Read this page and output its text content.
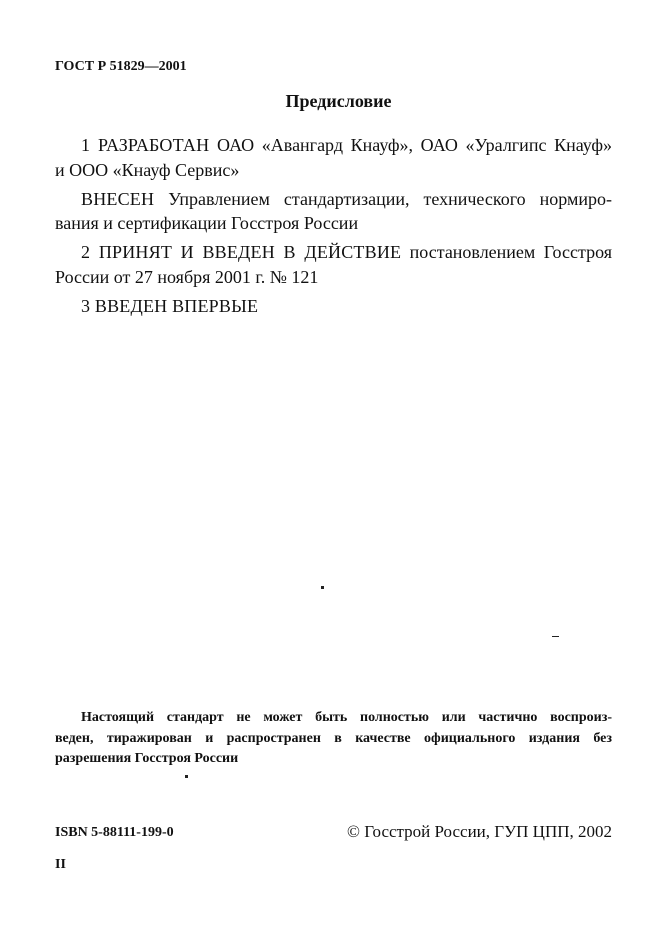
ГОСТ Р 51829—2001
Предисловие
1 РАЗРАБОТАН ОАО «Авангард Кнауф», ОАО «Уралгипс Кнауф»
и ООО «Кнауф Сервис»
ВНЕСЕН Управлением стандартизации, технического нормиро-
вания и сертификации Госстроя России
2 ПРИНЯТ И ВВЕДЕН В ДЕЙСТВИЕ постановлением Госстроя
России от 27 ноября 2001 г. № 121
3 ВВЕДЕН ВПЕРВЫЕ
Настоящий стандарт не может быть полностью или частично воспроиз-
веден, тиражирован и распространен в качестве официального издания без
разрешения Госстроя России
ISBN 5-88111-199-0	© Госстрой России, ГУП ЦПП, 2002
II
